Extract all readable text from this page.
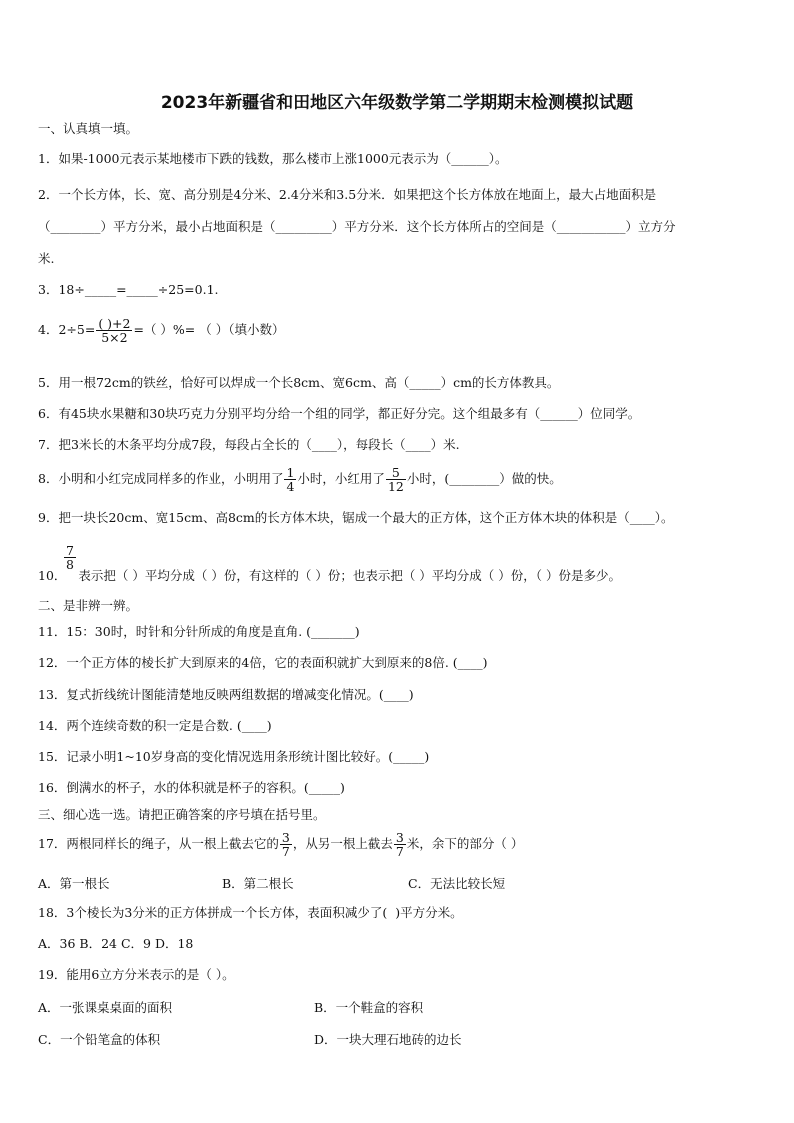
2023年新疆省和田地区六年级数学第二学期期末检测模拟试题
一、认真填一填。
1．如果-1000元表示某地楼市下跌的钱数，那么楼市上涨1000元表示为（______）。
2．一个长方体，长、宽、高分别是4分米、2.4分米和3.5分米．如果把这个长方体放在地面上，最大占地面积是
（________）平方分米，最小占地面积是（_________）平方分米．这个长方体所占的空间是（___________）立方分
米.
3．18÷_____=_____÷25=0.1.
4．$2\div 5= \frac{( )+2}{5\times 2}$ =（ ）%= （ ）（填小数）
5．用一根72cm的铁丝，恰好可以焊成一个长8cm、宽6cm、高（_____）cm的长方体教具。
6．有45块水果糖和30块巧克力分别平均分给一个组的同学，都正好分完。这个组最多有（______）位同学。
7．把3米长的木条平均分成7段，每段占全长的（____），每段长（____）米.
8．小明和小红完成同样多的作业，小明用了 $\frac{1}{4}$ 小时，小红用了 $\frac{5}{12}$ 小时，(________）做的快。
9．把一块长20cm、宽15cm、高8cm的长方体木块，锯成一个最大的正方体，这个正方体木块的体积是（____）。
$\frac{7}{8}$
10． 表示把（ ）平均分成（ ）份，有这样的（ ）份；也表示把（ ）平均分成（ ）份，（ ）份是多少。
二、是非辨一辨。
11．15：30时，时针和分针所成的角度是直角. (_______)
12．一个正方体的棱长扩大到原来的4倍，它的表面积就扩大到原来的8倍. (____)
13．复式折线统计图能清楚地反映两组数据的增减变化情况。(____)
14．两个连续奇数的积一定是合数. (____)
15．记录小明1~10岁身高的变化情况选用条形统计图比较好。(_____)
16．倒满水的杯子，水的体积就是杯子的容积。(_____)
三、细心选一选。请把正确答案的序号填在括号里。
17．两根同样长的绳子，从一根上截去它的 $\frac{3}{7}$ ，从另一根上截去 $\frac{3}{7}$ 米，余下的部分（ ）
A．第一根长	B．第二根长	C．无法比较长短
18．3个棱长为3分米的正方体拼成一个长方体，表面积减少了( )平方分米。
A．36 B．24 C．9 D．18
19．能用6立方分米表示的是（ ）。
A．一张课桌桌面的面积	B．一个鞋盒的容积
C．一个铅笔盒的体积	D．一块大理石地砖的边长
